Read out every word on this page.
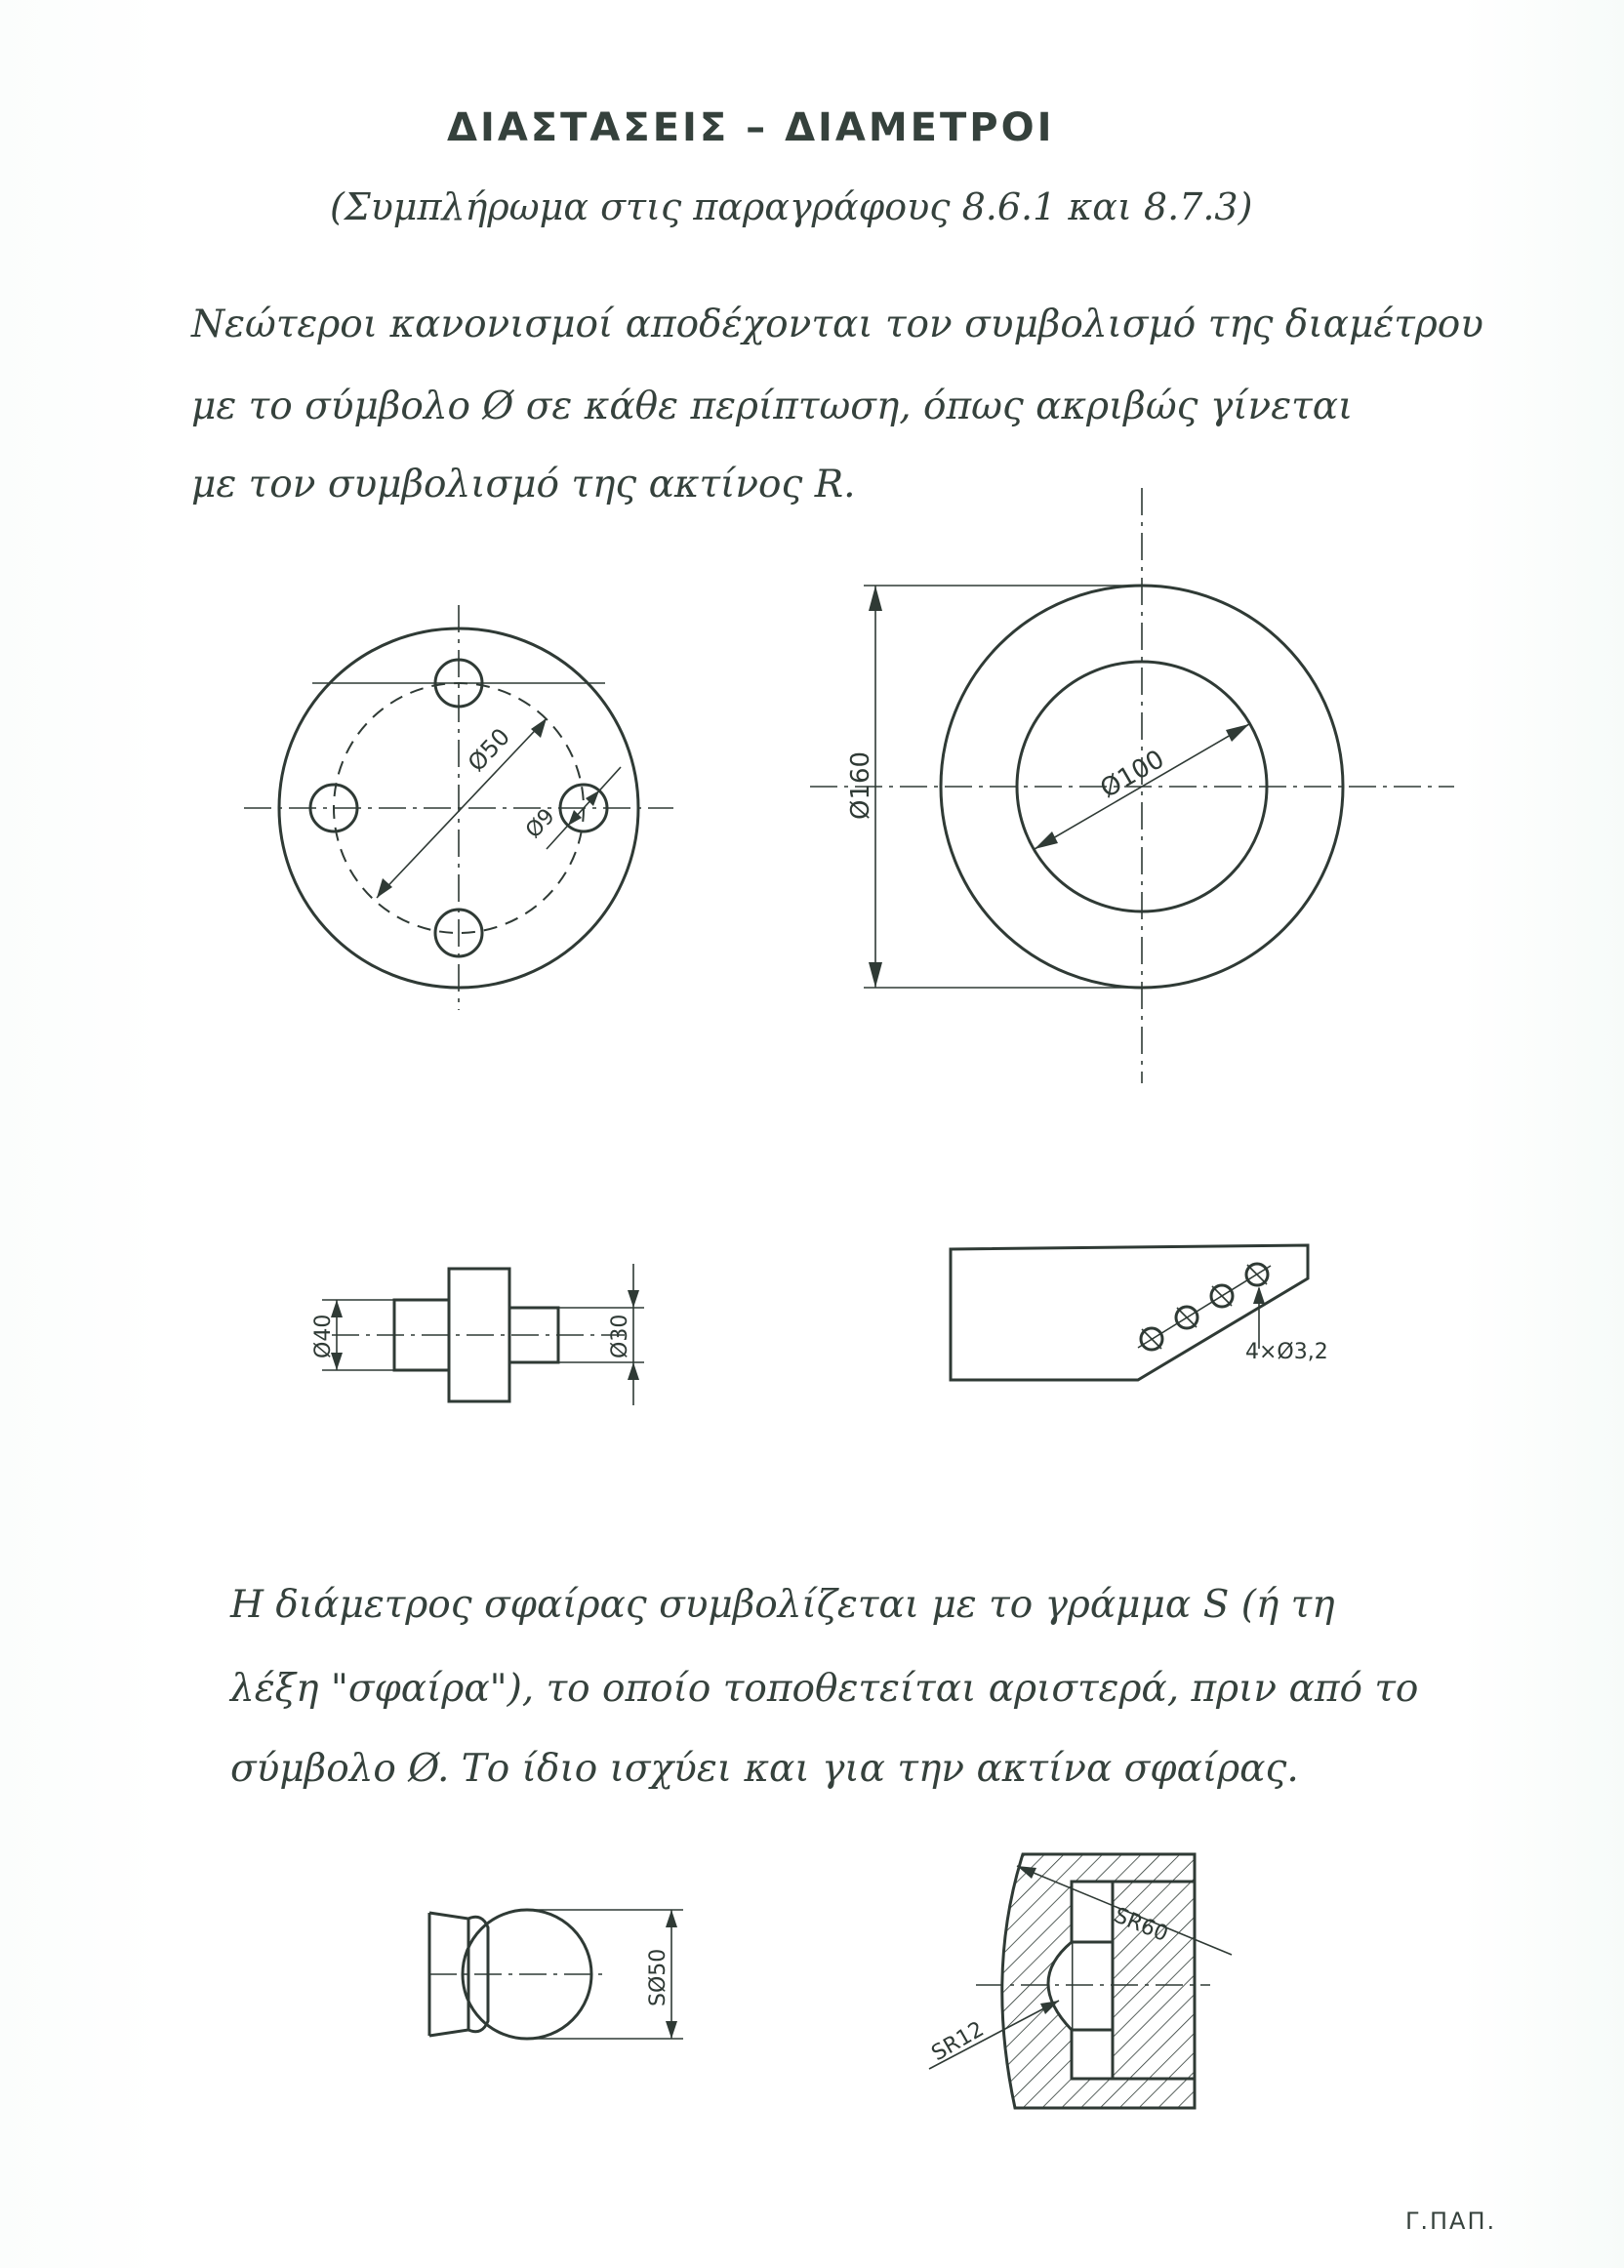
ΔΙΑΣΤΑΣΕΙΣ – ΔΙΑΜΕΤΡΟΙ
(Συμπλήρωμα στις παραγράφους 8.6.1 και 8.7.3)
Νεώτεροι κανονισμοί αποδέχονται τον συμβολισμό της διαμέτρου
με το σύμβολο Ø σε κάθε περίπτωση, όπως ακριβώς γίνεται
με τον συμβολισμό της ακτίνος R.
Η διάμετρος σφαίρας συμβολίζεται με το γράμμα S (ή τη
λέξη "σφαίρα"), το οποίο τοποθετείται αριστερά, πριν από το
σύμβολο Ø. Το ίδιο ισχύει και για την ακτίνα σφαίρας.
Ø50
Ø9
Ø160	Ø100
Ø40	Ø30	4×Ø3,2
SØ50
SR60
SR12
Γ.ΠΑΠ.
